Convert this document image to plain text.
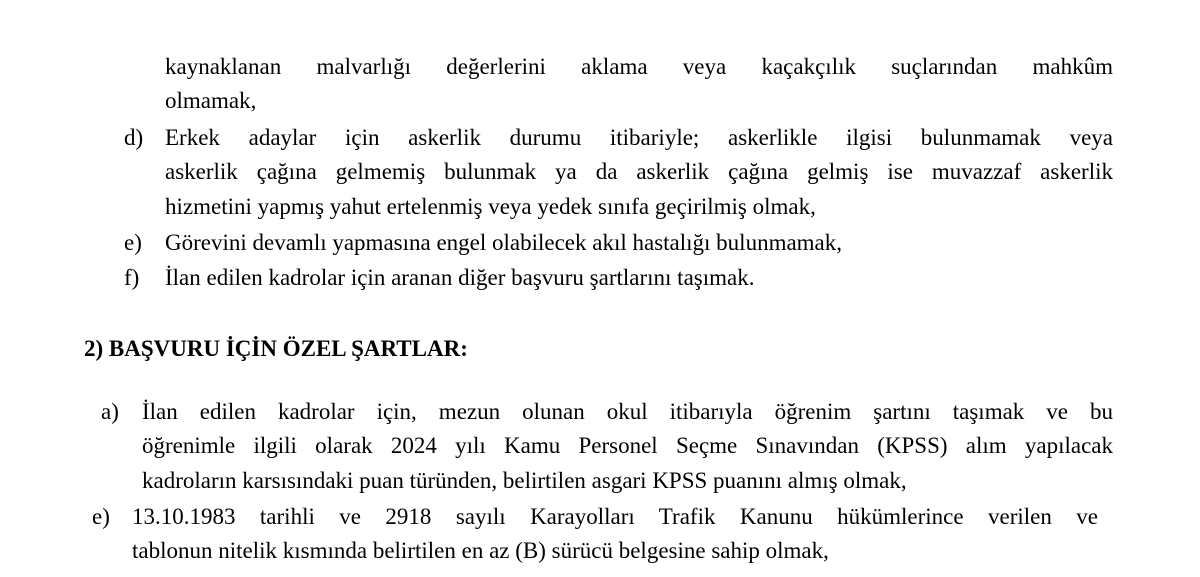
kaynaklanan malvarlığı değerlerini aklama veya kaçakçılık suçlarından mahkûm
olmamak,
d) Erkek adaylar için askerlik durumu itibariyle; askerlikle ilgisi bulunmamak veya
askerlik çağına gelmemiş bulunmak ya da askerlik çağına gelmiş ise muvazzaf askerlik
hizmetini yapmış yahut ertelenmiş veya yedek sınıfa geçirilmiş olmak,
e) Görevini devamlı yapmasına engel olabilecek akıl hastalığı bulunmamak,
f) İlan edilen kadrolar için aranan diğer başvuru şartlarını taşımak.
2) BAŞVURU İÇİN ÖZEL ŞARTLAR:
a) İlan edilen kadrolar için, mezun olunan okul itibarıyla öğrenim şartını taşımak ve bu
öğrenimle ilgili olarak 2024 yılı Kamu Personel Seçme Sınavından (KPSS) alım yapılacak
kadroların karsısındaki puan türünden, belirtilen asgari KPSS puanını almış olmak,
e) 13.10.1983 tarihli ve 2918 sayılı Karayolları Trafik Kanunu hükümlerince verilen ve
tablonun nitelik kısmında belirtilen en az (B) sürücü belgesine sahip olmak,
